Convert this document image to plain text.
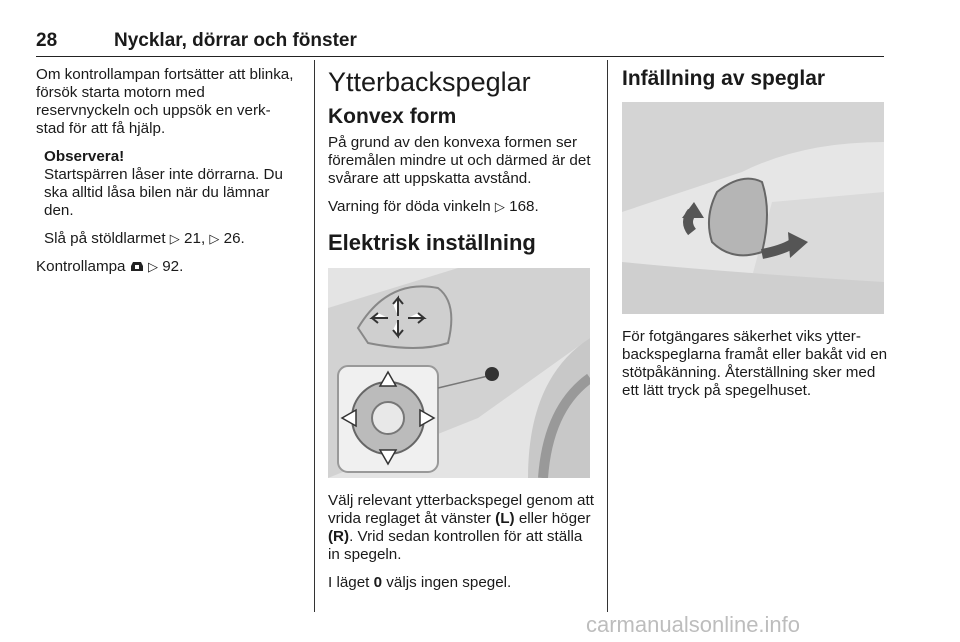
28	Nycklar, dörrar och fönster

Om kontrollampan fortsätter att blinka, försök starta motorn med reservnyckeln och uppsök en verk-stad för att få hjälp.

Observera!

Startspärren låser inte dörrarna. Du ska alltid låsa bilen när du lämnar den.

Slå på stöldlarmet ▷ 21, ▷ 26.

Kontrollampa ▷ 92.

Ytterbackspeglar
Konvex form

På grund av den konvexa formen ser föremålen mindre ut och därmed är det svårare att uppskatta avstånd.

Varning för döda vinkeln ▷ 168.

Elektrisk inställning

Välj relevant ytterbackspegel genom att vrida reglaget åt vänster (L) eller höger (R). Vrid sedan kontrollen för att ställa in spegeln.

I läget 0 väljs ingen spegel.

Infällning av speglar

För fotgängares säkerhet viks ytter-backspeglarna framåt eller bakåt vid en stötpåkänning. Återställning sker med ett lätt tryck på spegelhuset.

carmanualsonline.info
